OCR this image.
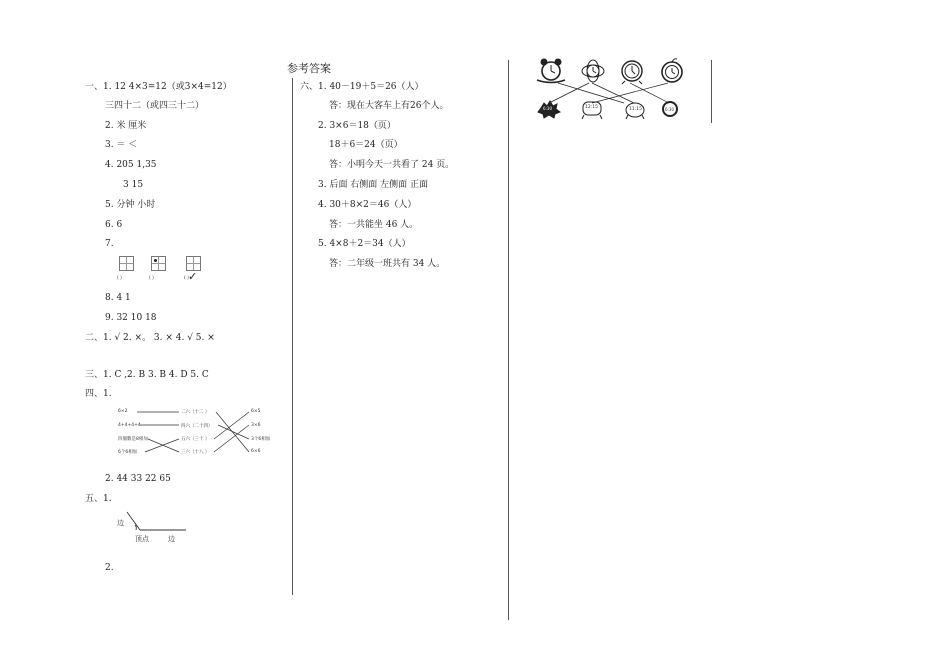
参考答案
一、1. 12 4×3=12（或3×4=12）
三四十二（或四三十二）
2. 米 厘米
3. ＝ ＜
4. 205 1,35
3 15
5. 分钟 小时
6. 6
7.
( )	( )	( ) ✓
8. 4 1
9. 32 10 18
二、1. √ 2. ×。 3. × 4. √ 5. ×
三、1. C ,2. B 3. B 4. D 5. C
四、1.
6×2
4+4+4+4
四個數是8相加
6个6相加
二六（十二 ）
四六（二十四）
五六（三十 ）
三六（十八 ）
6×5
3×6
3个6相加
6×6
2. 44 33 22 65
五、1.
边
顶点	边
2.
六、1. 40－19＋5＝26（人）
答：现在大客车上有26个人。
2. 3×6＝18（页）
18＋6＝24（页）
答：小明今天一共看了 24 页。
3. 后面 右侧面 左侧面 正面
4. 30＋8×2＝46（人）
答：一共能坐 46 人。
5. 4×8＋2＝34（人）
答：二年级一班共有 34 人。
6:30	12:15	11:15	6:30
